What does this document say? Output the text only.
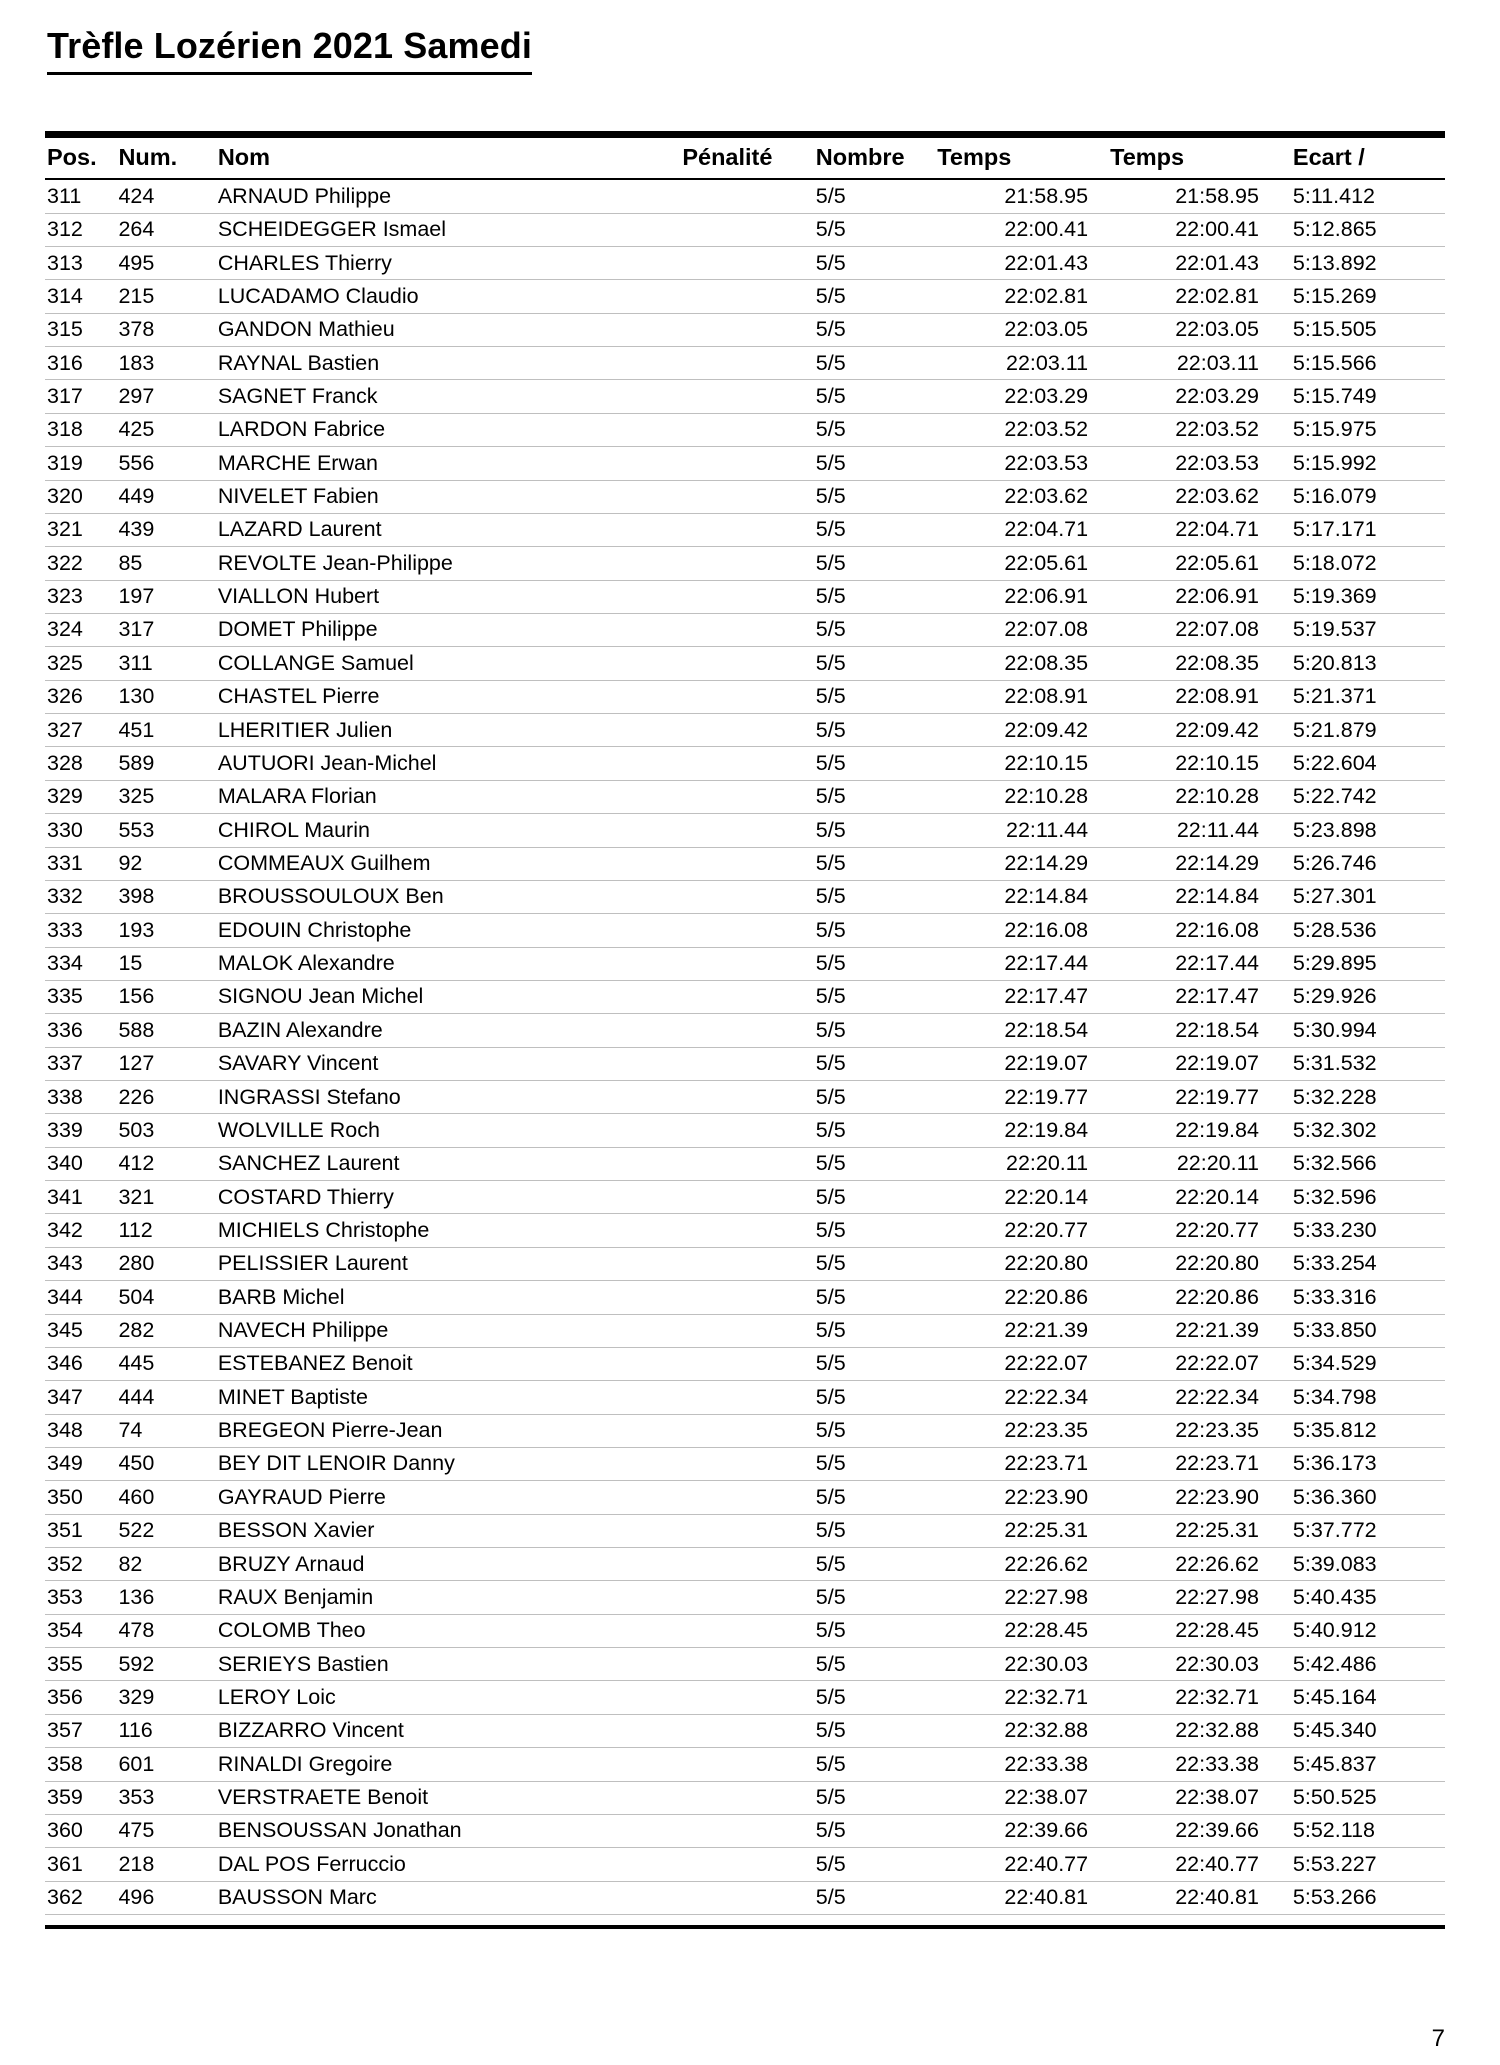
Trèfle Lozérien 2021 Samedi
Pos.	Num.	Nom	Pénalité	Nombre	Temps	Temps	Ecart /
311	424	ARNAUD Philippe		5/5	21:58.95	21:58.95	5:11.412
312	264	SCHEIDEGGER Ismael		5/5	22:00.41	22:00.41	5:12.865
313	495	CHARLES Thierry		5/5	22:01.43	22:01.43	5:13.892
314	215	LUCADAMO Claudio		5/5	22:02.81	22:02.81	5:15.269
315	378	GANDON Mathieu		5/5	22:03.05	22:03.05	5:15.505
316	183	RAYNAL Bastien		5/5	22:03.11	22:03.11	5:15.566
317	297	SAGNET Franck		5/5	22:03.29	22:03.29	5:15.749
318	425	LARDON Fabrice		5/5	22:03.52	22:03.52	5:15.975
319	556	MARCHE Erwan		5/5	22:03.53	22:03.53	5:15.992
320	449	NIVELET Fabien		5/5	22:03.62	22:03.62	5:16.079
321	439	LAZARD Laurent		5/5	22:04.71	22:04.71	5:17.171
322	85	REVOLTE Jean-Philippe		5/5	22:05.61	22:05.61	5:18.072
323	197	VIALLON Hubert		5/5	22:06.91	22:06.91	5:19.369
324	317	DOMET Philippe		5/5	22:07.08	22:07.08	5:19.537
325	311	COLLANGE Samuel		5/5	22:08.35	22:08.35	5:20.813
326	130	CHASTEL Pierre		5/5	22:08.91	22:08.91	5:21.371
327	451	LHERITIER Julien		5/5	22:09.42	22:09.42	5:21.879
328	589	AUTUORI Jean-Michel		5/5	22:10.15	22:10.15	5:22.604
329	325	MALARA Florian		5/5	22:10.28	22:10.28	5:22.742
330	553	CHIROL Maurin		5/5	22:11.44	22:11.44	5:23.898
331	92	COMMEAUX Guilhem		5/5	22:14.29	22:14.29	5:26.746
332	398	BROUSSOULOUX Ben		5/5	22:14.84	22:14.84	5:27.301
333	193	EDOUIN Christophe		5/5	22:16.08	22:16.08	5:28.536
334	15	MALOK Alexandre		5/5	22:17.44	22:17.44	5:29.895
335	156	SIGNOU Jean Michel		5/5	22:17.47	22:17.47	5:29.926
336	588	BAZIN Alexandre		5/5	22:18.54	22:18.54	5:30.994
337	127	SAVARY Vincent		5/5	22:19.07	22:19.07	5:31.532
338	226	INGRASSI Stefano		5/5	22:19.77	22:19.77	5:32.228
339	503	WOLVILLE Roch		5/5	22:19.84	22:19.84	5:32.302
340	412	SANCHEZ Laurent		5/5	22:20.11	22:20.11	5:32.566
341	321	COSTARD Thierry		5/5	22:20.14	22:20.14	5:32.596
342	112	MICHIELS Christophe		5/5	22:20.77	22:20.77	5:33.230
343	280	PELISSIER Laurent		5/5	22:20.80	22:20.80	5:33.254
344	504	BARB Michel		5/5	22:20.86	22:20.86	5:33.316
345	282	NAVECH Philippe		5/5	22:21.39	22:21.39	5:33.850
346	445	ESTEBANEZ Benoit		5/5	22:22.07	22:22.07	5:34.529
347	444	MINET Baptiste		5/5	22:22.34	22:22.34	5:34.798
348	74	BREGEON Pierre-Jean		5/5	22:23.35	22:23.35	5:35.812
349	450	BEY DIT LENOIR Danny		5/5	22:23.71	22:23.71	5:36.173
350	460	GAYRAUD Pierre		5/5	22:23.90	22:23.90	5:36.360
351	522	BESSON Xavier		5/5	22:25.31	22:25.31	5:37.772
352	82	BRUZY Arnaud		5/5	22:26.62	22:26.62	5:39.083
353	136	RAUX Benjamin		5/5	22:27.98	22:27.98	5:40.435
354	478	COLOMB Theo		5/5	22:28.45	22:28.45	5:40.912
355	592	SERIEYS Bastien		5/5	22:30.03	22:30.03	5:42.486
356	329	LEROY Loic		5/5	22:32.71	22:32.71	5:45.164
357	116	BIZZARRO Vincent		5/5	22:32.88	22:32.88	5:45.340
358	601	RINALDI Gregoire		5/5	22:33.38	22:33.38	5:45.837
359	353	VERSTRAETE Benoit		5/5	22:38.07	22:38.07	5:50.525
360	475	BENSOUSSAN Jonathan		5/5	22:39.66	22:39.66	5:52.118
361	218	DAL POS Ferruccio		5/5	22:40.77	22:40.77	5:53.227
362	496	BAUSSON Marc		5/5	22:40.81	22:40.81	5:53.266
7
